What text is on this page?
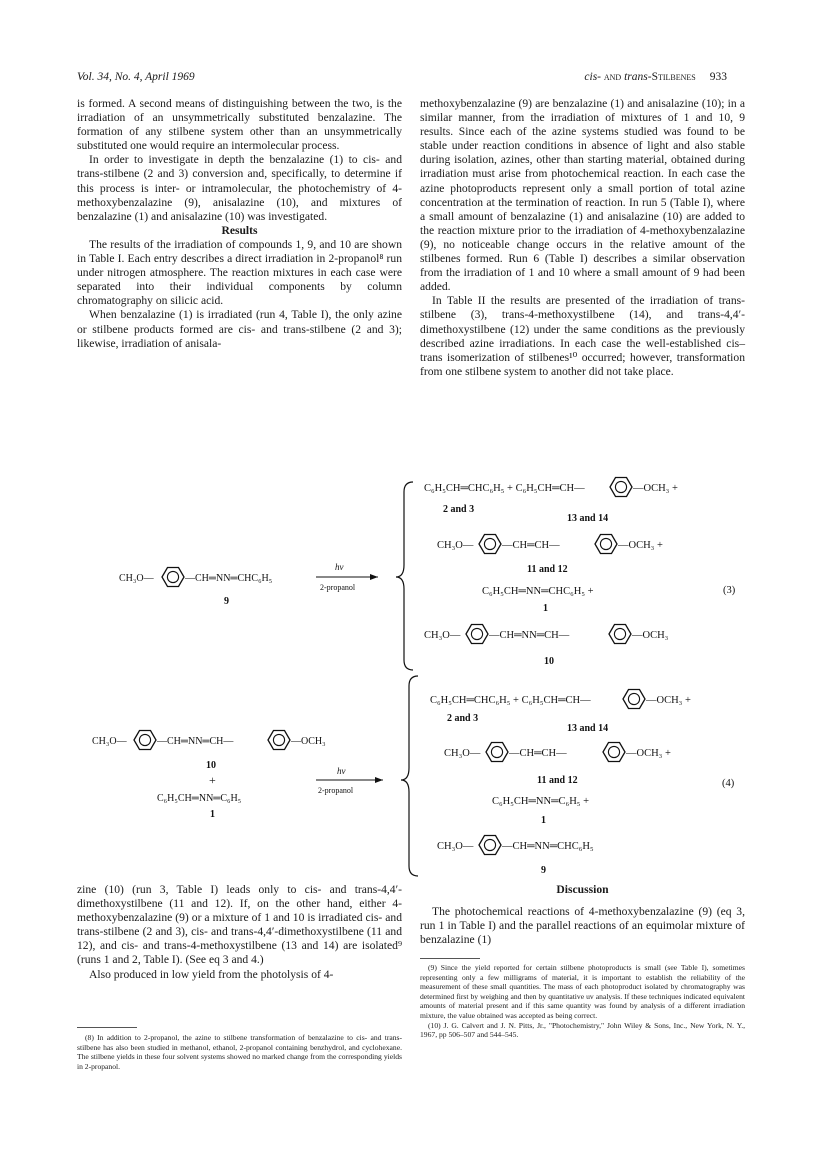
Vol. 34, No. 4, April 1969	cis- and trans-Stilbenes 933

is formed. A second means of distinguishing between the two, is the irradiation of an unsymmetrically substituted benzalazine. The formation of any stilbene system other than an unsymmetrically substituted one would require an intermolecular process.

In order to investigate in depth the benzalazine (1) to cis- and trans-stilbene (2 and 3) conversion and, specifically, to determine if this process is inter- or intramolecular, the photochemistry of 4-methoxybenzalazine (9), anisalazine (10), and mixtures of benzalazine (1) and anisalazine (10) was investigated.

Results

The results of the irradiation of compounds 1, 9, and 10 are shown in Table I. Each entry describes a direct irradiation in 2-propanol⁸ run under nitrogen atmosphere. The reaction mixtures in each case were separated into their individual components by column chromatography on silicic acid.

When benzalazine (1) is irradiated (run 4, Table I), the only azine or stilbene products formed are cis- and trans-stilbene (2 and 3); likewise, irradiation of anisala-

methoxybenzalazine (9) are benzalazine (1) and anisalazine (10); in a similar manner, from the irradiation of mixtures of 1 and 10, 9 results. Since each of the azine systems studied was found to be stable under reaction conditions in absence of light and also stable during isolation, azines, other than starting material, obtained during irradiation must arise from photochemical reaction. In each case the azine photoproducts represent only a small portion of total azine concentration at the termination of reaction. In run 5 (Table I), where a small amount of benzalazine (1) and anisalazine (10) are added to the reaction mixture prior to the irradiation of 4-methoxybenzalazine (9), no noticeable change occurs in the relative amount of the stilbenes formed. Run 6 (Table I) describes a similar observation from the irradiation of 1 and 10 where a small amount of 9 had been added.

In Table II the results are presented of the irradiation of trans-stilbene (3), trans-4-methoxystilbene (14), and trans-4,4′-dimethoxystilbene (12) under the same conditions as the previously described azine irradiations. In each case the well-established cis–trans isomerization of stilbenes¹⁰ occurred; however, transformation from one stilbene system to another did not take place.

CH₃O—	—CH═NN═CHC₆H₅
9
hν
2-propanol
C₆H₅CH═CHC₆H₅ + C₆H₅CH═CH—	—OCH₃ +
2 and 3
13 and 14
CH₃O—	—CH═CH—	—OCH₃ +
11 and 12
C₆H₅CH═NN═CHC₆H₅ +
1
(3)
CH₃O—	—CH═NN═CH—	—OCH₃
10
CH₃O—	—CH═NN═CH—	—OCH₃
10
+
C₆H₅CH═NN═C₆H₅
1
hν
2-propanol
C₆H₅CH═CHC₆H₅ + C₆H₅CH═CH—	—OCH₃ +
2 and 3
13 and 14
CH₃O—	—CH═CH—	—OCH₃ +
11 and 12
C₆H₅CH═NN═C₆H₅ +
1
(4)
CH₃O—	—CH═NN═CHC₆H₅
9

zine (10) (run 3, Table I) leads only to cis- and trans-4,4′-dimethoxystilbene (11 and 12). If, on the other hand, either 4-methoxybenzalazine (9) or a mixture of 1 and 10 is irradiated cis- and trans-stilbene (2 and 3), cis- and trans-4,4′-dimethoxystilbene (11 and 12), and cis- and trans-4-methoxystilbene (13 and 14) are isolated⁹ (runs 1 and 2, Table I). (See eq 3 and 4.)

Also produced in low yield from the photolysis of 4-

(8) In addition to 2-propanol, the azine to stilbene transformation of benzalazine to cis- and trans-stilbene has also been studied in methanol, ethanol, 2-propanol containing benzhydrol, and cyclohexane. The stilbene yields in these four solvent systems showed no marked change from the corresponding yields in 2-propanol.

Discussion

The photochemical reactions of 4-methoxybenzalazine (9) (eq 3, run 1 in Table I) and the parallel reactions of an equimolar mixture of benzalazine (1)

(9) Since the yield reported for certain stilbene photoproducts is small (see Table I), sometimes representing only a few milligrams of material, it is important to establish the reliability of the measurement of these small quantities. The mass of each photoproduct isolated by chromatography was determined first by weighing and then by quantitative uv analysis. If these techniques indicated equivalent amounts of material present and if this same quantity was found by analysis of a different irradiation mixture, the value obtained was accepted as being correct.

(10) J. G. Calvert and J. N. Pitts, Jr., "Photochemistry," John Wiley & Sons, Inc., New York, N. Y., 1967, pp 506–507 and 544–545.
